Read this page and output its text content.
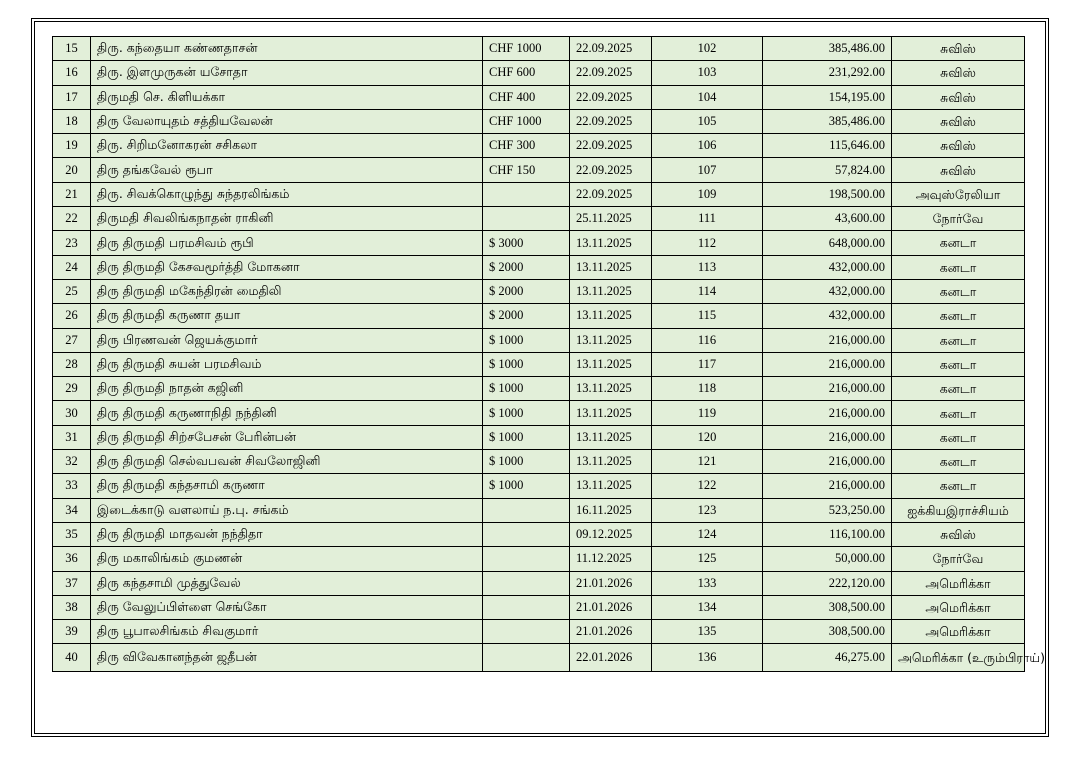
15	திரு. கந்தையா கண்ணதாசன்	CHF 1000	22.09.2025	102	385,486.00	சுவிஸ்
16	திரு. இளமுருகன் யசோதா	CHF 600	22.09.2025	103	231,292.00	சுவிஸ்
17	திருமதி செ. கிளியக்கா	CHF 400	22.09.2025	104	154,195.00	சுவிஸ்
18	திரு வேலாயுதம் சத்தியவேலன்	CHF 1000	22.09.2025	105	385,486.00	சுவிஸ்
19	திரு. சிறிமனோகரன் சசிகலா	CHF 300	22.09.2025	106	115,646.00	சுவிஸ்
20	திரு தங்கவேல் ரூபா	CHF 150	22.09.2025	107	57,824.00	சுவிஸ்
21	திரு. சிவக்கொழுந்து சுந்தரலிங்கம்		22.09.2025	109	198,500.00	அவுஸ்ரேலியா
22	திருமதி சிவலிங்கநாதன் ராகினி		25.11.2025	111	43,600.00	நோர்வே
23	திரு திருமதி பரமசிவம் ரூபி	$ 3000	13.11.2025	112	648,000.00	கனடா
24	திரு திருமதி கேசவமூர்த்தி மோகனா	$ 2000	13.11.2025	113	432,000.00	கனடா
25	திரு திருமதி மகேந்திரன் மைதிலி	$ 2000	13.11.2025	114	432,000.00	கனடா
26	திரு திருமதி கருணா தயா	$ 2000	13.11.2025	115	432,000.00	கனடா
27	திரு பிரணவன் ஜெயக்குமார்	$ 1000	13.11.2025	116	216,000.00	கனடா
28	திரு திருமதி சுயன் பரமசிவம்	$ 1000	13.11.2025	117	216,000.00	கனடா
29	திரு திருமதி நாதன் கஜினி	$ 1000	13.11.2025	118	216,000.00	கனடா
30	திரு திருமதி கருணாநிதி நந்தினி	$ 1000	13.11.2025	119	216,000.00	கனடா
31	திரு திருமதி சிற்சபேசன் பேரின்பன்	$ 1000	13.11.2025	120	216,000.00	கனடா
32	திரு திருமதி செல்வபவன் சிவலோஜினி	$ 1000	13.11.2025	121	216,000.00	கனடா
33	திரு திருமதி கந்தசாமி கருணா	$ 1000	13.11.2025	122	216,000.00	கனடா
34	இடைக்காடு வளலாய் ந.பு. சங்கம்		16.11.2025	123	523,250.00	ஐக்கியஇராச்சியம்
35	திரு திருமதி மாதவன் நந்திதா		09.12.2025	124	116,100.00	சுவிஸ்
36	திரு மகாலிங்கம் குமணன்		11.12.2025	125	50,000.00	நோர்வே
37	திரு கந்தசாமி முத்துவேல்		21.01.2026	133	222,120.00	அமெரிக்கா
38	திரு வேலுப்பிள்ளை செங்கோ		21.01.2026	134	308,500.00	அமெரிக்கா
39	திரு பூபாலசிங்கம் சிவகுமார்		21.01.2026	135	308,500.00	அமெரிக்கா
40	திரு விவேகானந்தன் ஜதீபன்		22.01.2026	136	46,275.00	அமெரிக்கா (உரும்பிராய்)
